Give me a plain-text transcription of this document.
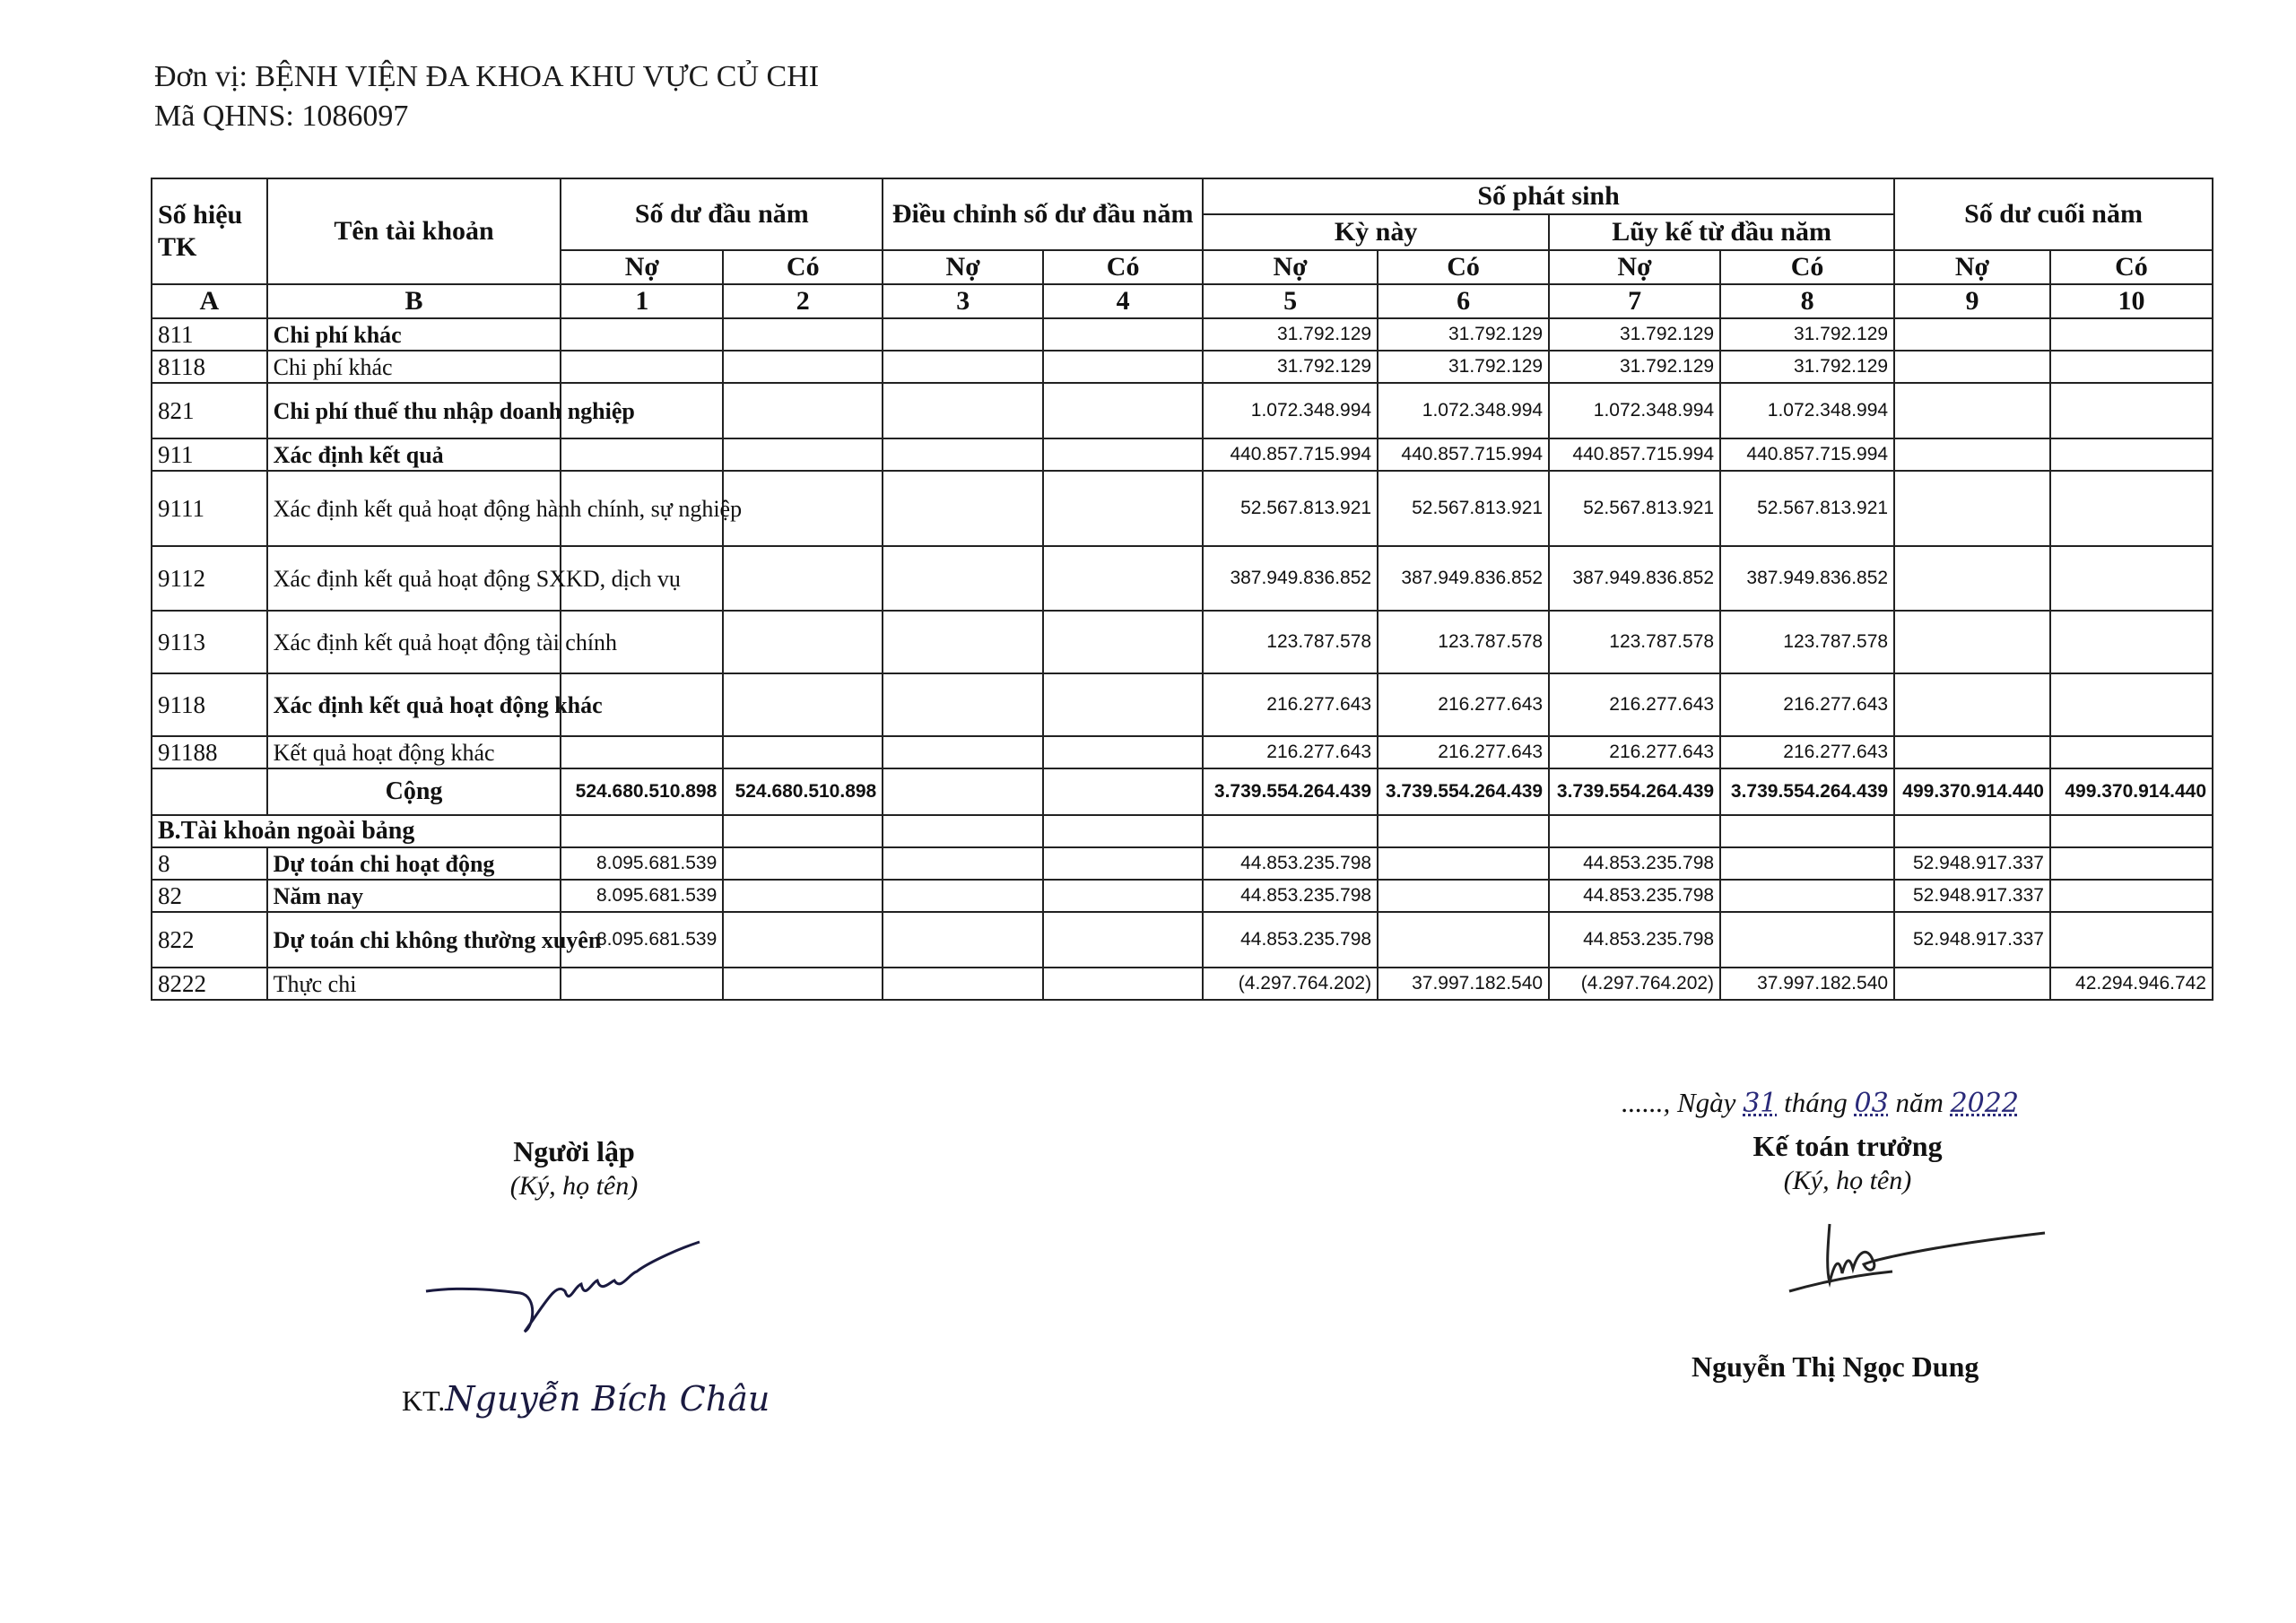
Đơn vị: BỆNH VIỆN ĐA KHOA KHU VỰC CỦ CHI
Mã QHNS: 1086097
Số hiệu TK	Tên tài khoản	Số dư đầu năm		Điều chỉnh số dư đầu năm		Số phát sinh				Số dư cuối năm	
						Kỳ này		Lũy kế từ đầu năm			
		Nợ	Có	Nợ	Có	Nợ	Có	Nợ	Có	Nợ	Có
A	B	1	2	3	4	5	6	7	8	9	10
811	Chi phí khác					31.792.129	31.792.129	31.792.129	31.792.129		
8118	Chi phí khác					31.792.129	31.792.129	31.792.129	31.792.129		
821	Chi phí thuế thu nhập doanh nghiệp					1.072.348.994	1.072.348.994	1.072.348.994	1.072.348.994		
911	Xác định kết quả					440.857.715.994	440.857.715.994	440.857.715.994	440.857.715.994		
9111	Xác định kết quả hoạt động hành chính, sự nghiệp					52.567.813.921	52.567.813.921	52.567.813.921	52.567.813.921		
9112	Xác định kết quả hoạt động SXKD, dịch vụ					387.949.836.852	387.949.836.852	387.949.836.852	387.949.836.852		
9113	Xác định kết quả hoạt động tài chính					123.787.578	123.787.578	123.787.578	123.787.578		
9118	Xác định kết quả hoạt động khác					216.277.643	216.277.643	216.277.643	216.277.643		
91188	Kết quả hoạt động khác					216.277.643	216.277.643	216.277.643	216.277.643		
	Cộng	524.680.510.898	524.680.510.898			3.739.554.264.439	3.739.554.264.439	3.739.554.264.439	3.739.554.264.439	499.370.914.440	499.370.914.440
B.Tài khoản ngoài bảng											
8	Dự toán chi hoạt động	8.095.681.539				44.853.235.798		44.853.235.798		52.948.917.337	
82	Năm nay	8.095.681.539				44.853.235.798		44.853.235.798		52.948.917.337	
822	Dự toán chi không thường xuyên	8.095.681.539				44.853.235.798		44.853.235.798		52.948.917.337	
8222	Thực chi					(4.297.764.202)	37.997.182.540	(4.297.764.202)	37.997.182.540		42.294.946.742
......, Ngày 31 tháng 03 năm 2022
Người lập
(Ký, họ tên)
Kế toán trưởng
(Ký, họ tên)
KT.Nguyễn Bích Châu
Nguyễn Thị Ngọc Dung
